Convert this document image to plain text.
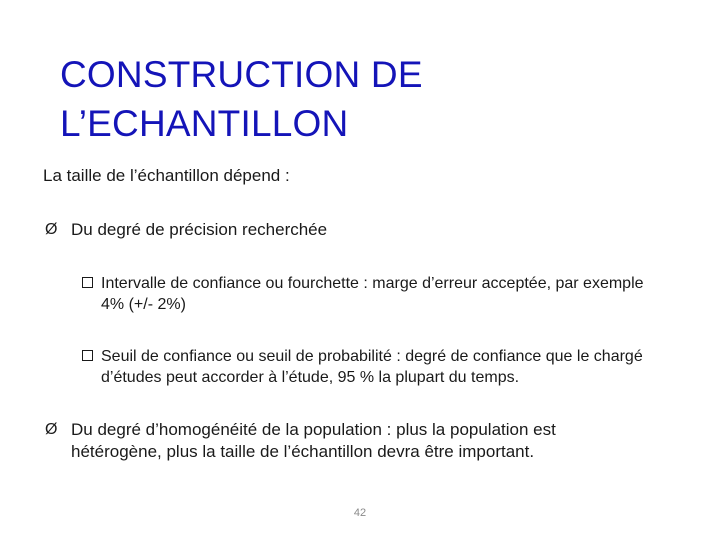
CONSTRUCTION DE
L’ECHANTILLON
La taille de l’échantillon dépend :
Ø Du degré de précision recherchée
Intervalle de confiance ou fourchette : marge d’erreur acceptée, par exemple 4% (+/- 2%)
Seuil de confiance ou seuil de probabilité : degré de confiance que le chargé d’études peut accorder à l’étude, 95 % la plupart du temps.
Ø Du degré d’homogénéité de la population : plus la population est hétérogène, plus la taille de l’échantillon devra être important.
42
